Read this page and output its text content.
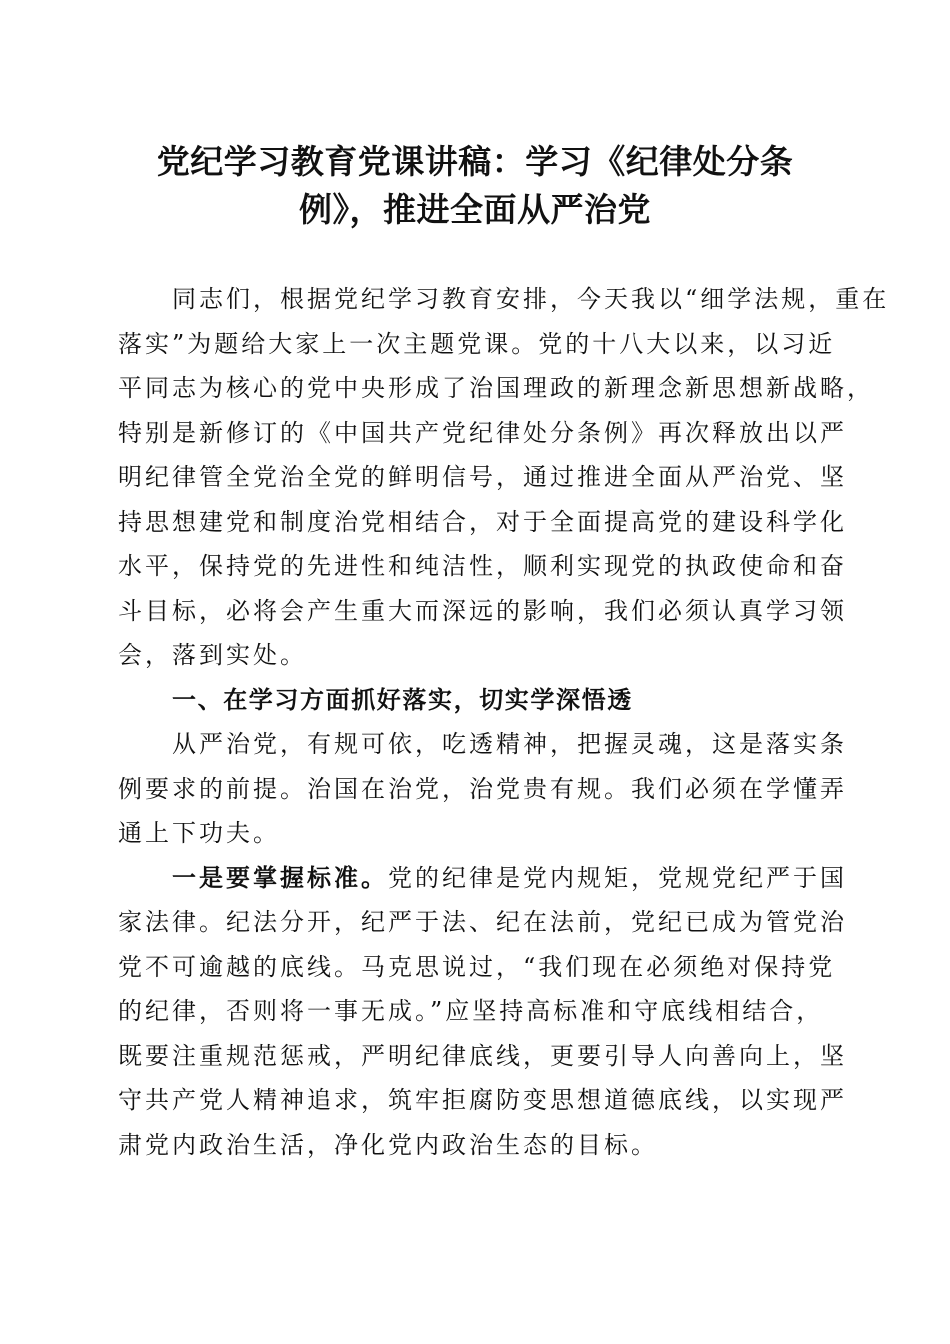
党纪学习教育党课讲稿：学习《纪律处分条
例》，推进全面从严治党
同志们，根据党纪学习教育安排，今天我以“细学法规，重在
落实”为题给大家上一次主题党课。党的十八大以来，以习近
平同志为核心的党中央形成了治国理政的新理念新思想新战略，
特别是新修订的《中国共产党纪律处分条例》再次释放出以严
明纪律管全党治全党的鲜明信号，通过推进全面从严治党、坚
持思想建党和制度治党相结合，对于全面提高党的建设科学化
水平，保持党的先进性和纯洁性，顺利实现党的执政使命和奋
斗目标，必将会产生重大而深远的影响，我们必须认真学习领
会，落到实处。
一、在学习方面抓好落实，切实学深悟透
从严治党，有规可依，吃透精神，把握灵魂，这是落实条
例要求的前提。治国在治党，治党贵有规。我们必须在学懂弄
通上下功夫。
一是要掌握标准。党的纪律是党内规矩，党规党纪严于国
家法律。纪法分开，纪严于法、纪在法前，党纪已成为管党治
党不可逾越的底线。马克思说过，“我们现在必须绝对保持党
的纪律，否则将一事无成。”应坚持高标准和守底线相结合，
既要注重规范惩戒，严明纪律底线，更要引导人向善向上，坚
守共产党人精神追求，筑牢拒腐防变思想道德底线，以实现严
肃党内政治生活，净化党内政治生态的目标。
